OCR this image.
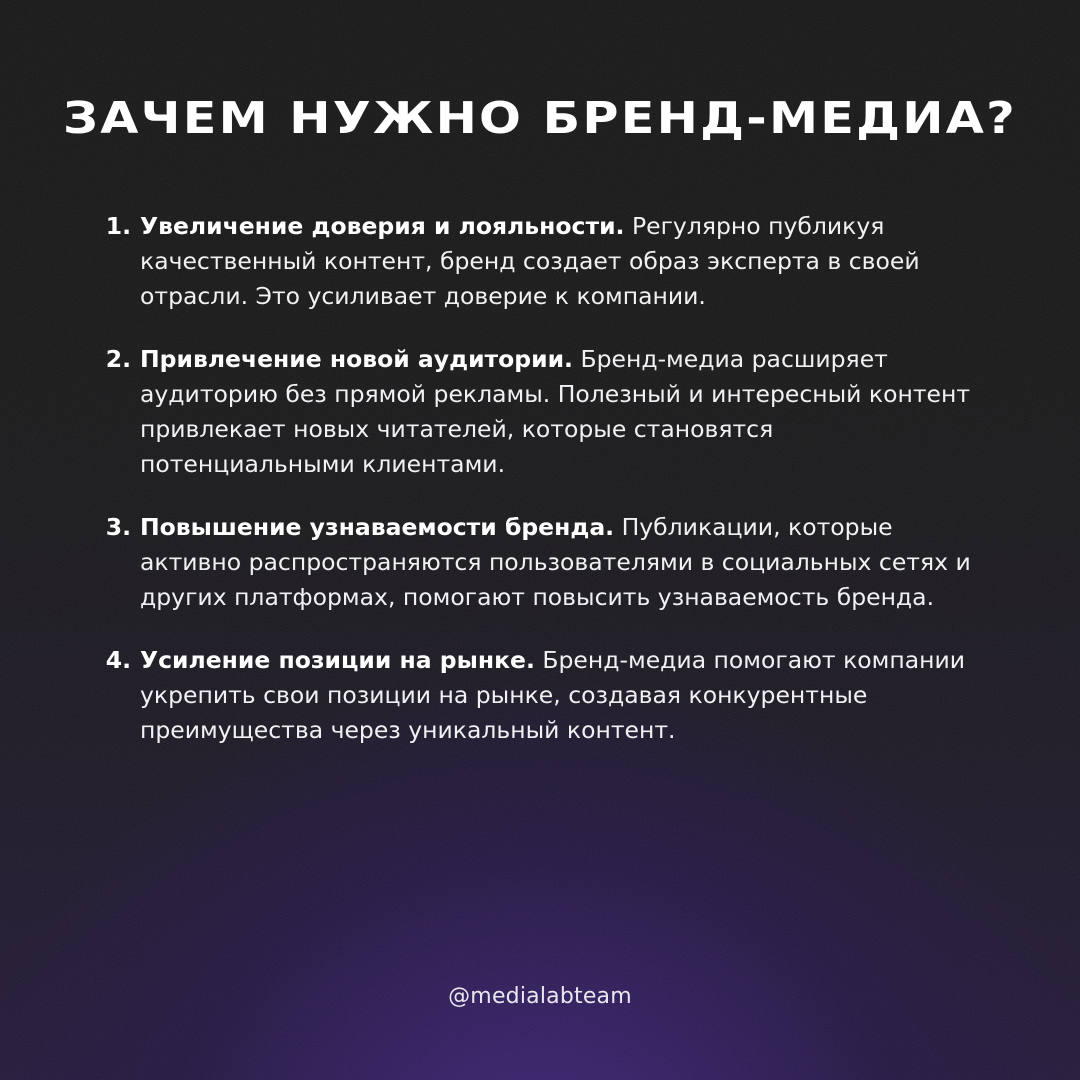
ЗАЧЕМ НУЖНО БРЕНД-МЕДИА?
1. Увеличение доверия и лояльности. Регулярно публикуя качественный контент, бренд создает образ эксперта в своей отрасли. Это усиливает доверие к компании.
2. Привлечение новой аудитории. Бренд-медиа расширяет аудиторию без прямой рекламы. Полезный и интересный контент привлекает новых читателей, которые становятся потенциальными клиентами.
3. Повышение узнаваемости бренда. Публикации, которые активно распространяются пользователями в социальных сетях и других платформах, помогают повысить узнаваемость бренда.
4. Усиление позиции на рынке. Бренд-медиа помогают компании укрепить свои позиции на рынке, создавая конкурентные преимущества через уникальный контент.
@medialabteam
